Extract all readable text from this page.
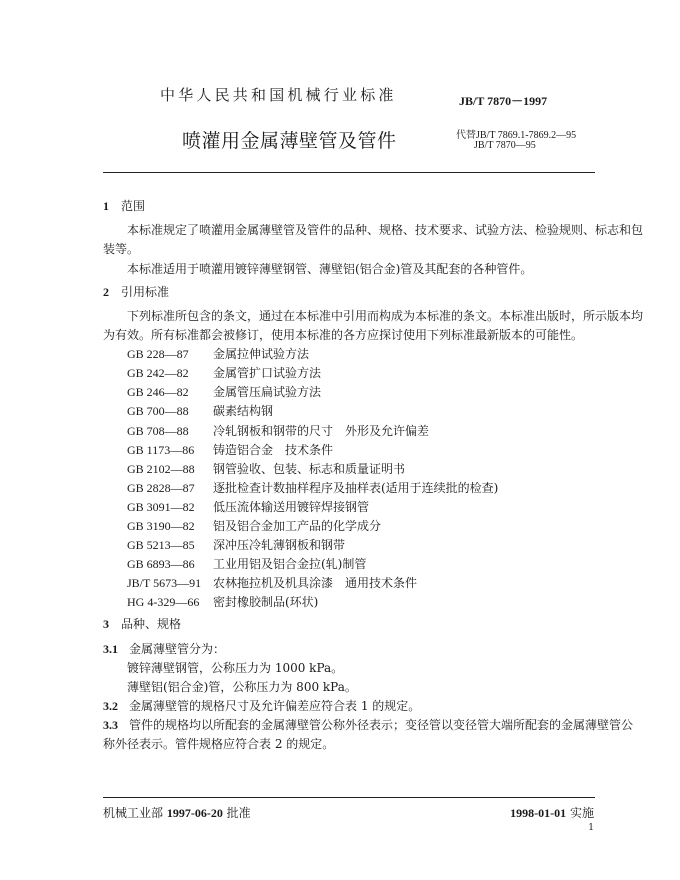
中华人民共和国机械行业标准	JB/T 7870－1997
喷灌用金属薄壁管及管件	代替JB/T 7869.1-7869.2—95
JB/T 7870—95
1 范围
本标准规定了喷灌用金属薄壁管及管件的品种、规格、技术要求、试验方法、检验规则、标志和包
装等。
本标准适用于喷灌用镀锌薄壁钢管、薄壁铝(铝合金)管及其配套的各种管件。
2 引用标准
下列标准所包含的条文，通过在本标准中引用而构成为本标准的条文。本标准出版时，所示版本均
为有效。所有标准都会被修订，使用本标准的各方应探讨使用下列标准最新版本的可能性。
GB 228—87 金属拉伸试验方法
GB 242—82 金属管扩口试验方法
GB 246—82 金属管压扁试验方法
GB 700—88 碳素结构钢
GB 708—88 冷轧钢板和钢带的尺寸　外形及允许偏差
GB 1173—86 铸造铝合金　技术条件
GB 2102—88 钢管验收、包装、标志和质量证明书
GB 2828—87 逐批检查计数抽样程序及抽样表(适用于连续批的检查)
GB 3091—82 低压流体输送用镀锌焊接钢管
GB 3190—82 铝及铝合金加工产品的化学成分
GB 5213—85 深冲压冷轧薄钢板和钢带
GB 6893—86 工业用铝及铝合金拉(轧)制管
JB/T 5673—91 农林拖拉机及机具涂漆　通用技术条件
HG 4-329—66 密封橡胶制品(环状)
3 品种、规格
3.1 金属薄壁管分为：
镀锌薄壁钢管，公称压力为 1000 kPa。
薄壁铝(铝合金)管，公称压力为 800 kPa。
3.2 金属薄壁管的规格尺寸及允许偏差应符合表 1 的规定。
3.3 管件的规格均以所配套的金属薄壁管公称外径表示；变径管以变径管大端所配套的金属薄壁管公
称外径表示。管件规格应符合表 2 的规定。
机械工业部 1997-06-20 批准	1998-01-01 实施
1
